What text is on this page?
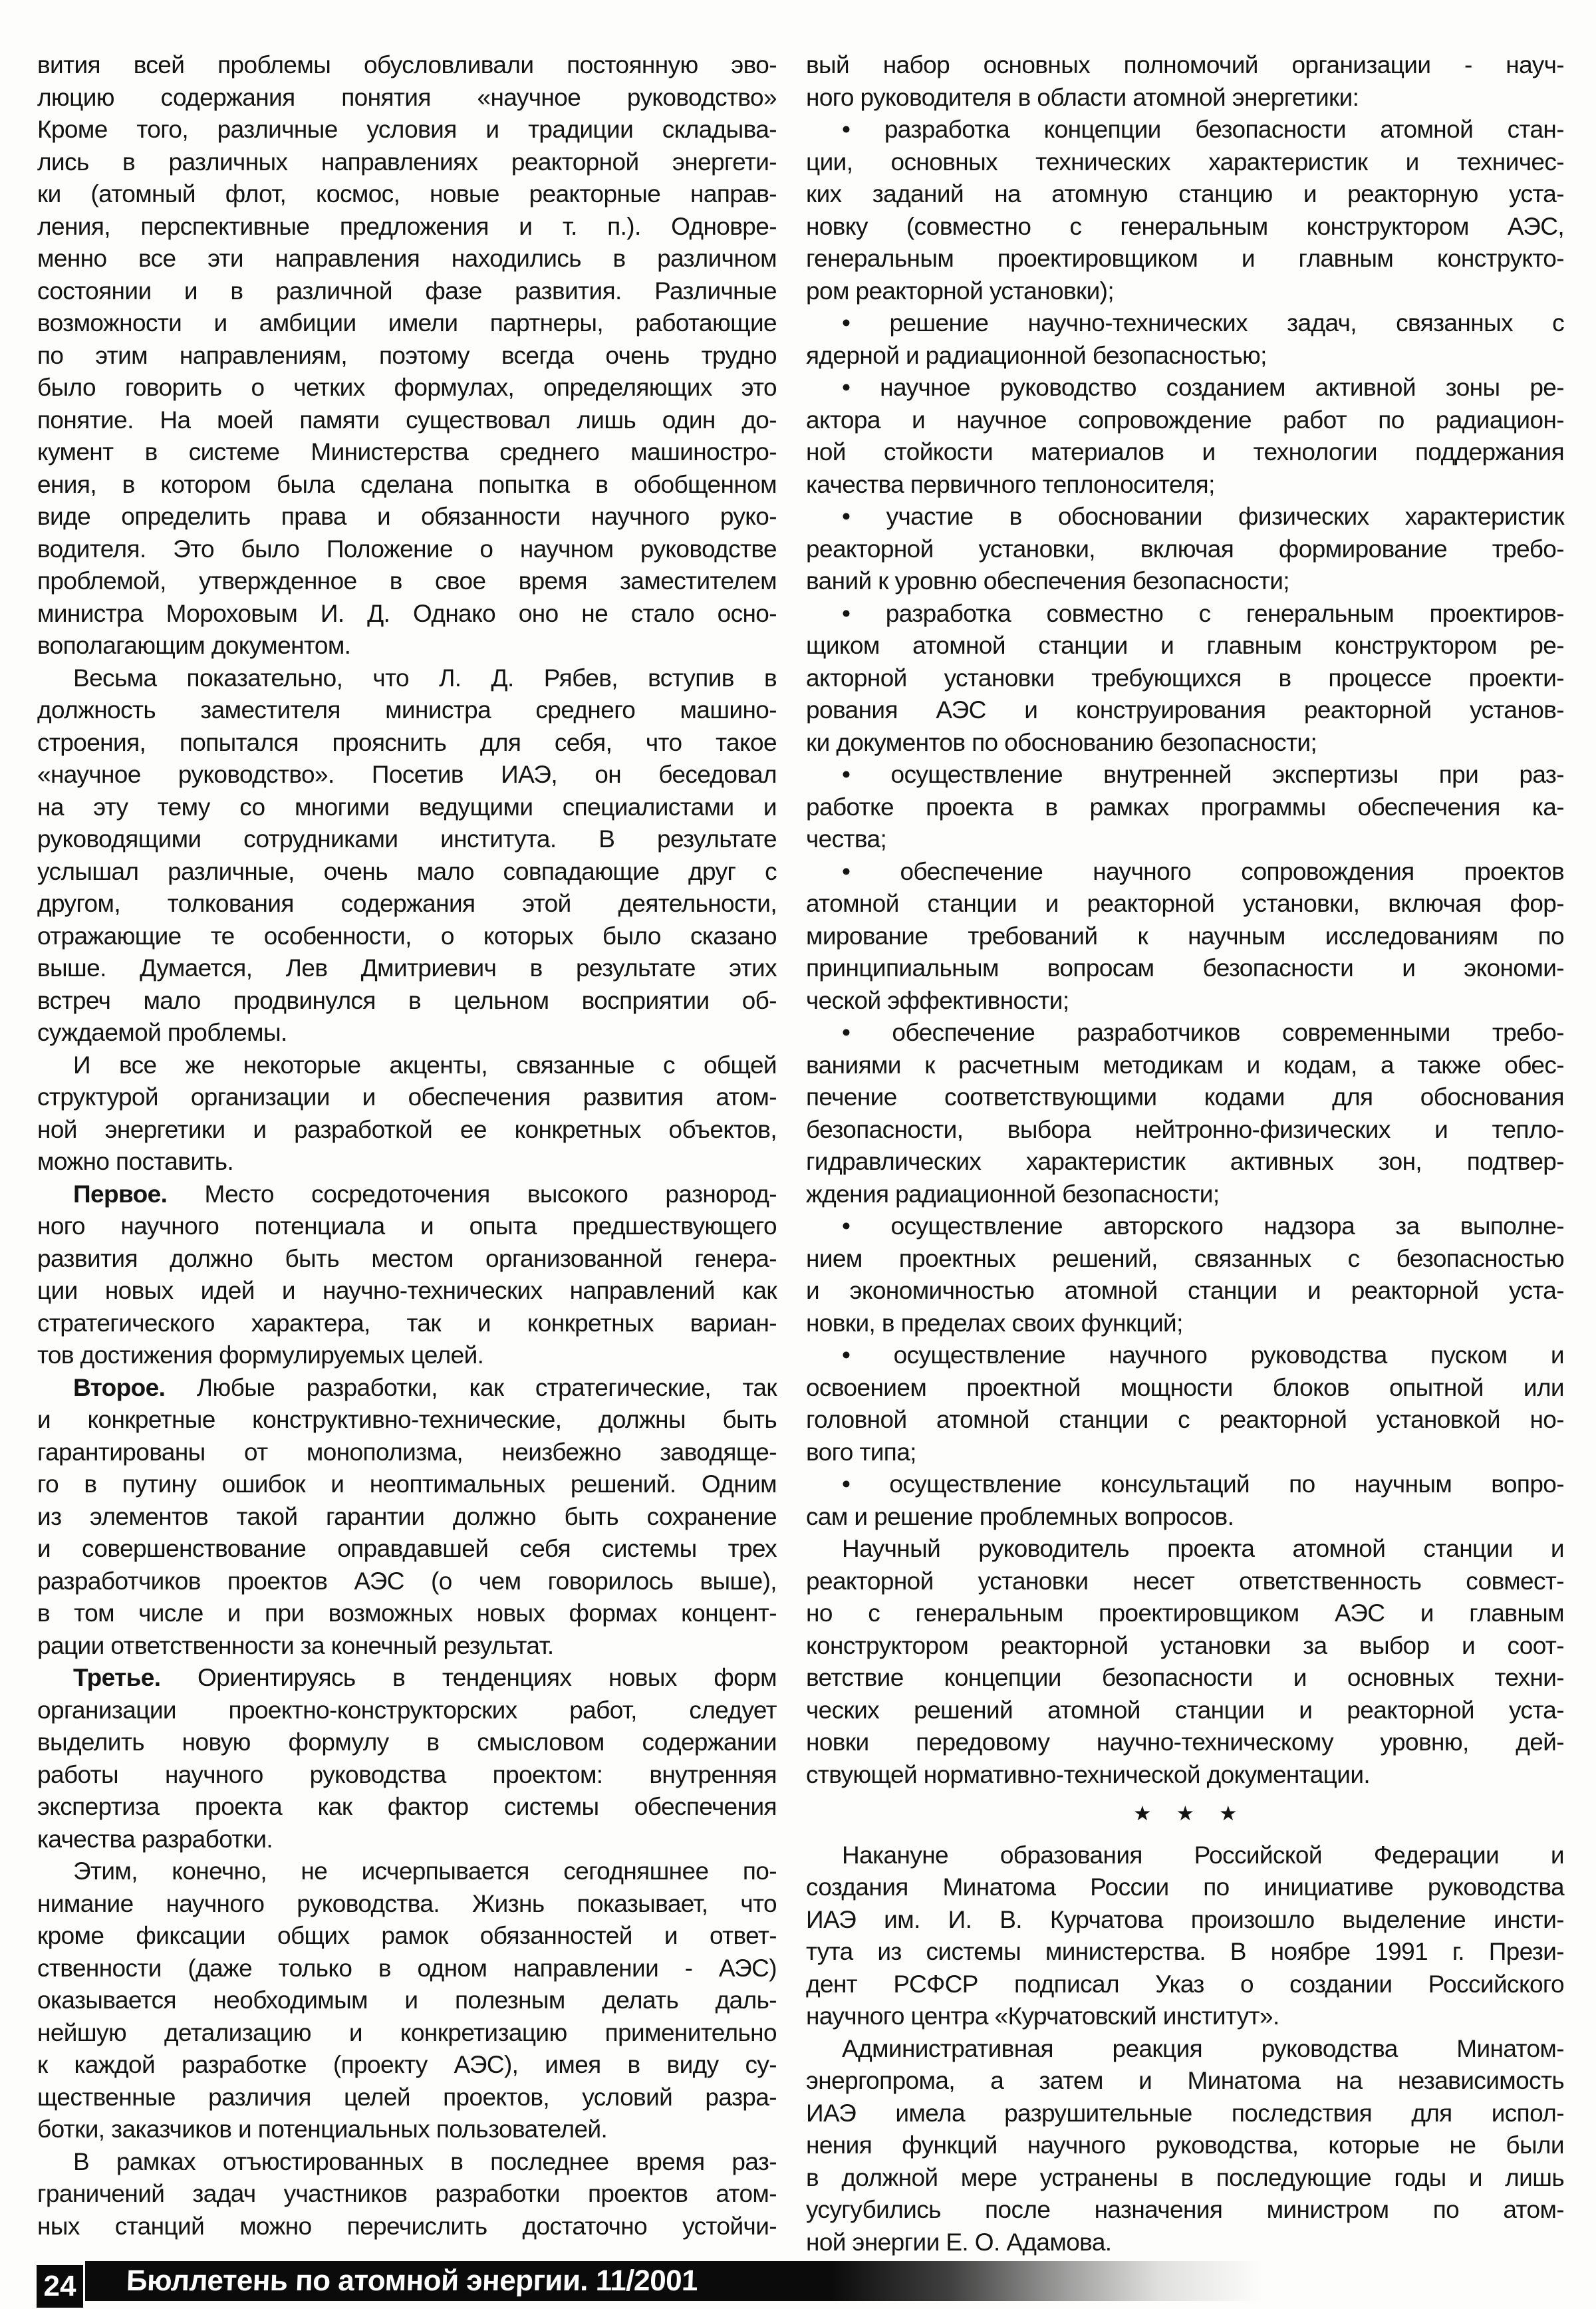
вития всей проблемы обусловливали постоянную эво-
люцию содержания понятия «научное руководство»
Кроме того, различные условия и традиции складыва-
лись в различных направлениях реакторной энергети-
ки (атомный флот, космос, новые реакторные направ-
ления, перспективные предложения и т. п.). Одновре-
менно все эти направления находились в различном
состоянии и в различной фазе развития. Различные
возможности и амбиции имели партнеры, работающие
по этим направлениям, поэтому всегда очень трудно
было говорить о четких формулах, определяющих это
понятие. На моей памяти существовал лишь один до-
кумент в системе Министерства среднего машиностро-
ения, в котором была сделана попытка в обобщенном
виде определить права и обязанности научного руко-
водителя. Это было Положение о научном руководстве
проблемой, утвержденное в свое время заместителем
министра Мороховым И. Д. Однако оно не стало осно-
вополагающим документом.
Весьма показательно, что Л. Д. Рябев, вступив в
должность заместителя министра среднего машино-
строения, попытался прояснить для себя, что такое
«научное руководство». Посетив ИАЭ, он беседовал
на эту тему со многими ведущими специалистами и
руководящими сотрудниками института. В результате
услышал различные, очень мало совпадающие друг с
другом, толкования содержания этой деятельности,
отражающие те особенности, о которых было сказано
выше. Думается, Лев Дмитриевич в результате этих
встреч мало продвинулся в цельном восприятии об-
суждаемой проблемы.
И все же некоторые акценты, связанные с общей
структурой организации и обеспечения развития атом-
ной энергетики и разработкой ее конкретных объектов,
можно поставить.
Первое. Место сосредоточения высокого разнород-
ного научного потенциала и опыта предшествующего
развития должно быть местом организованной генера-
ции новых идей и научно-технических направлений как
стратегического характера, так и конкретных вариан-
тов достижения формулируемых целей.
Второе. Любые разработки, как стратегические, так
и конкретные конструктивно-технические, должны быть
гарантированы от монополизма, неизбежно заводяще-
го в путину ошибок и неоптимальных решений. Одним
из элементов такой гарантии должно быть сохранение
и совершенствование оправдавшей себя системы трех
разработчиков проектов АЭС (о чем говорилось выше),
в том числе и при возможных новых формах концент-
рации ответственности за конечный результат.
Третье. Ориентируясь в тенденциях новых форм
организации проектно-конструкторских работ, следует
выделить новую формулу в смысловом содержании
работы научного руководства проектом: внутренняя
экспертиза проекта как фактор системы обеспечения
качества разработки.
Этим, конечно, не исчерпывается сегодняшнее по-
нимание научного руководства. Жизнь показывает, что
кроме фиксации общих рамок обязанностей и ответ-
ственности (даже только в одном направлении - АЭС)
оказывается необходимым и полезным делать даль-
нейшую детализацию и конкретизацию применительно
к каждой разработке (проекту АЭС), имея в виду су-
щественные различия целей проектов, условий разра-
ботки, заказчиков и потенциальных пользователей.
В рамках отъюстированных в последнее время раз-
граничений задач участников разработки проектов атом-
ных станций можно перечислить достаточно устойчи-
вый набор основных полномочий организации - науч-
ного руководителя в области атомной энергетики:
• разработка концепции безопасности атомной стан-
ции, основных технических характеристик и техничес-
ких заданий на атомную станцию и реакторную уста-
новку (совместно с генеральным конструктором АЭС,
генеральным проектировщиком и главным конструкто-
ром реакторной установки);
• решение научно-технических задач, связанных с
ядерной и радиационной безопасностью;
• научное руководство созданием активной зоны ре-
актора и научное сопровождение работ по радиацион-
ной стойкости материалов и технологии поддержания
качества первичного теплоносителя;
• участие в обосновании физических характеристик
реакторной установки, включая формирование требо-
ваний к уровню обеспечения безопасности;
• разработка совместно с генеральным проектиров-
щиком атомной станции и главным конструктором ре-
акторной установки требующихся в процессе проекти-
рования АЭС и конструирования реакторной установ-
ки документов по обоснованию безопасности;
• осуществление внутренней экспертизы при раз-
работке проекта в рамках программы обеспечения ка-
чества;
• обеспечение научного сопровождения проектов
атомной станции и реакторной установки, включая фор-
мирование требований к научным исследованиям по
принципиальным вопросам безопасности и экономи-
ческой эффективности;
• обеспечение разработчиков современными требо-
ваниями к расчетным методикам и кодам, а также обес-
печение соответствующими кодами для обоснования
безопасности, выбора нейтронно-физических и тепло-
гидравлических характеристик активных зон, подтвер-
ждения радиационной безопасности;
• осуществление авторского надзора за выполне-
нием проектных решений, связанных с безопасностью
и экономичностью атомной станции и реакторной уста-
новки, в пределах своих функций;
• осуществление научного руководства пуском и
освоением проектной мощности блоков опытной или
головной атомной станции с реакторной установкой но-
вого типа;
• осуществление консультаций по научным вопро-
сам и решение проблемных вопросов.
Научный руководитель проекта атомной станции и
реакторной установки несет ответственность совмест-
но с генеральным проектировщиком АЭС и главным
конструктором реакторной установки за выбор и соот-
ветствие концепции безопасности и основных техни-
ческих решений атомной станции и реакторной уста-
новки передовому научно-техническому уровню, дей-
ствующей нормативно-технической документации.
★ ★ ★
Накануне образования Российской Федерации и
создания Минатома России по инициативе руководства
ИАЭ им. И. В. Курчатова произошло выделение инсти-
тута из системы министерства. В ноябре 1991 г. Прези-
дент РСФСР подписал Указ о создании Российского
научного центра «Курчатовский институт».
Административная реакция руководства Минатом-
энергопрома, а затем и Минатома на независимость
ИАЭ имела разрушительные последствия для испол-
нения функций научного руководства, которые не были
в должной мере устранены в последующие годы и лишь
усугубились после назначения министром по атом-
ной энергии Е. О. Адамова.
24 Бюллетень по атомной энергии. 11/2001
